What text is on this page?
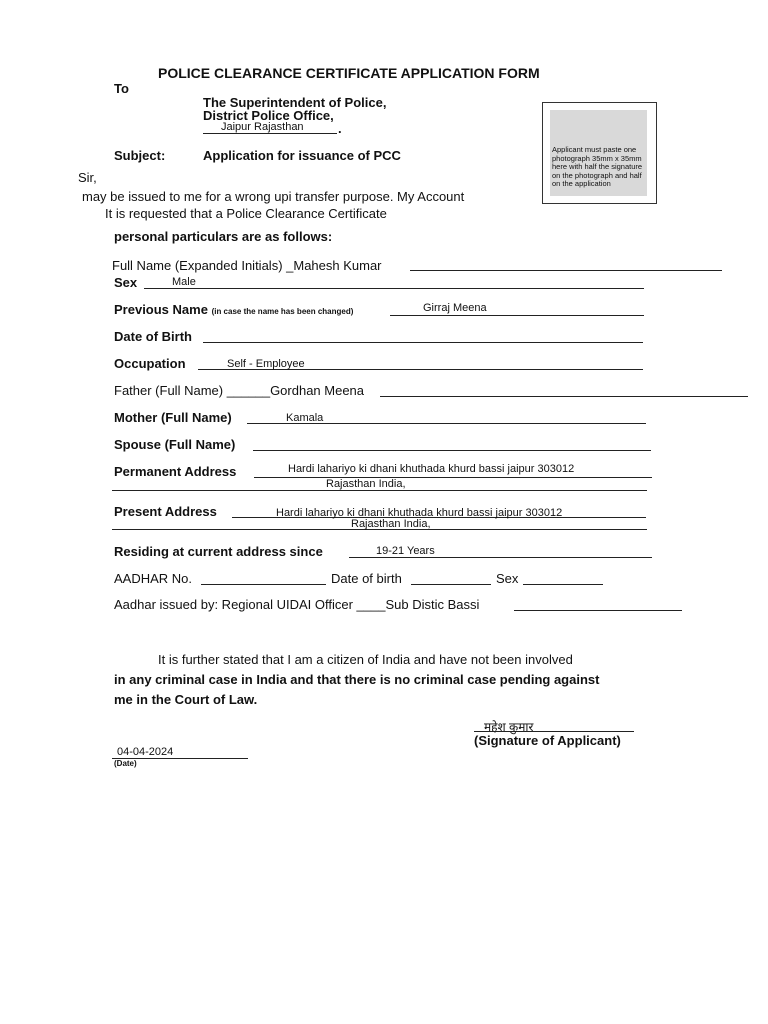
POLICE CLEARANCE CERTIFICATE APPLICATION FORM
To
The Superintendent of Police,
District Police Office,
Jaipur Rajasthan	.
Applicant must paste one photograph 35mm x 35mm here with half the signature on the photograph and half on the application
Subject:	Application for issuance of PCC
Sir,
may be issued to me for a wrong upi transfer purpose. My Account
It is requested that a Police Clearance Certificate
personal particulars are as follows:
Full Name (Expanded Initials) _Mahesh Kumar
Sex	Male
Previous Name (in case the name has been changed)	Girraj Meena
Date of Birth
Occupation	Self - Employee
Father (Full Name) ______Gordhan Meena
Mother (Full Name)	Kamala
Spouse (Full Name)
Permanent Address	Hardi lahariyo ki dhani khuthada khurd bassi jaipur 303012
Rajasthan India,
Present Address	Hardi lahariyo ki dhani khuthada khurd bassi jaipur 303012
Rajasthan India,
Residing at current address since	19-21 Years
AADHAR No.	Date of birth	Sex
Aadhar issued by: Regional UIDAI Officer ____Sub Distic Bassi
It is further stated that I am a citizen of India and have not been involved
in any criminal case in India and that there is no criminal case pending against
me in the Court of Law.
महेश कुमार
(Signature of Applicant)
04-04-2024
(Date)
